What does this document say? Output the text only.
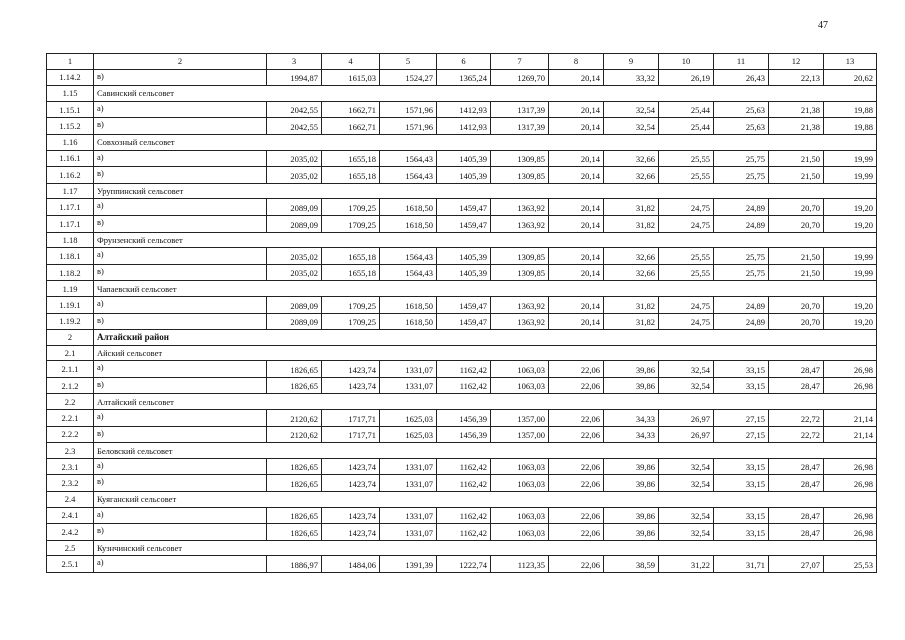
47
1	2	3	4	5	6	7	8	9	10	11	12	13
1.14.2	в)	1994,87	1615,03	1524,27	1365,24	1269,70	20,14	33,32	26,19	26,43	22,13	20,62
1.15	Савинский сельсовет											
1.15.1	а)	2042,55	1662,71	1571,96	1412,93	1317,39	20,14	32,54	25,44	25,63	21,38	19,88
1.15.2	в)	2042,55	1662,71	1571,96	1412,93	1317,39	20,14	32,54	25,44	25,63	21,38	19,88
1.16	Совхозный сельсовет											
1.16.1	а)	2035,02	1655,18	1564,43	1405,39	1309,85	20,14	32,66	25,55	25,75	21,50	19,99
1.16.2	в)	2035,02	1655,18	1564,43	1405,39	1309,85	20,14	32,66	25,55	25,75	21,50	19,99
1.17	Уруппинский сельсовет											
1.17.1	а)	2089,09	1709,25	1618,50	1459,47	1363,92	20,14	31,82	24,75	24,89	20,70	19,20
1.17.1	в)	2089,09	1709,25	1618,50	1459,47	1363,92	20,14	31,82	24,75	24,89	20,70	19,20
1.18	Фрунзенский сельсовет											
1.18.1	а)	2035,02	1655,18	1564,43	1405,39	1309,85	20,14	32,66	25,55	25,75	21,50	19,99
1.18.2	в)	2035,02	1655,18	1564,43	1405,39	1309,85	20,14	32,66	25,55	25,75	21,50	19,99
1.19	Чапаевский сельсовет											
1.19.1	а)	2089,09	1709,25	1618,50	1459,47	1363,92	20,14	31,82	24,75	24,89	20,70	19,20
1.19.2	в)	2089,09	1709,25	1618,50	1459,47	1363,92	20,14	31,82	24,75	24,89	20,70	19,20
2	Алтайский район											
2.1	Айский сельсовет											
2.1.1	а)	1826,65	1423,74	1331,07	1162,42	1063,03	22,06	39,86	32,54	33,15	28,47	26,98
2.1.2	в)	1826,65	1423,74	1331,07	1162,42	1063,03	22,06	39,86	32,54	33,15	28,47	26,98
2.2	Алтайский сельсовет											
2.2.1	а)	2120,62	1717,71	1625,03	1456,39	1357,00	22,06	34,33	26,97	27,15	22,72	21,14
2.2.2	в)	2120,62	1717,71	1625,03	1456,39	1357,00	22,06	34,33	26,97	27,15	22,72	21,14
2.3	Беловский сельсовет											
2.3.1	а)	1826,65	1423,74	1331,07	1162,42	1063,03	22,06	39,86	32,54	33,15	28,47	26,98
2.3.2	в)	1826,65	1423,74	1331,07	1162,42	1063,03	22,06	39,86	32,54	33,15	28,47	26,98
2.4	Куяганский сельсовет											
2.4.1	а)	1826,65	1423,74	1331,07	1162,42	1063,03	22,06	39,86	32,54	33,15	28,47	26,98
2.4.2	в)	1826,65	1423,74	1331,07	1162,42	1063,03	22,06	39,86	32,54	33,15	28,47	26,98
2.5	Кузнчинский сельсовет											
2.5.1	а)	1886,97	1484,06	1391,39	1222,74	1123,35	22,06	38,59	31,22	31,71	27,07	25,53
